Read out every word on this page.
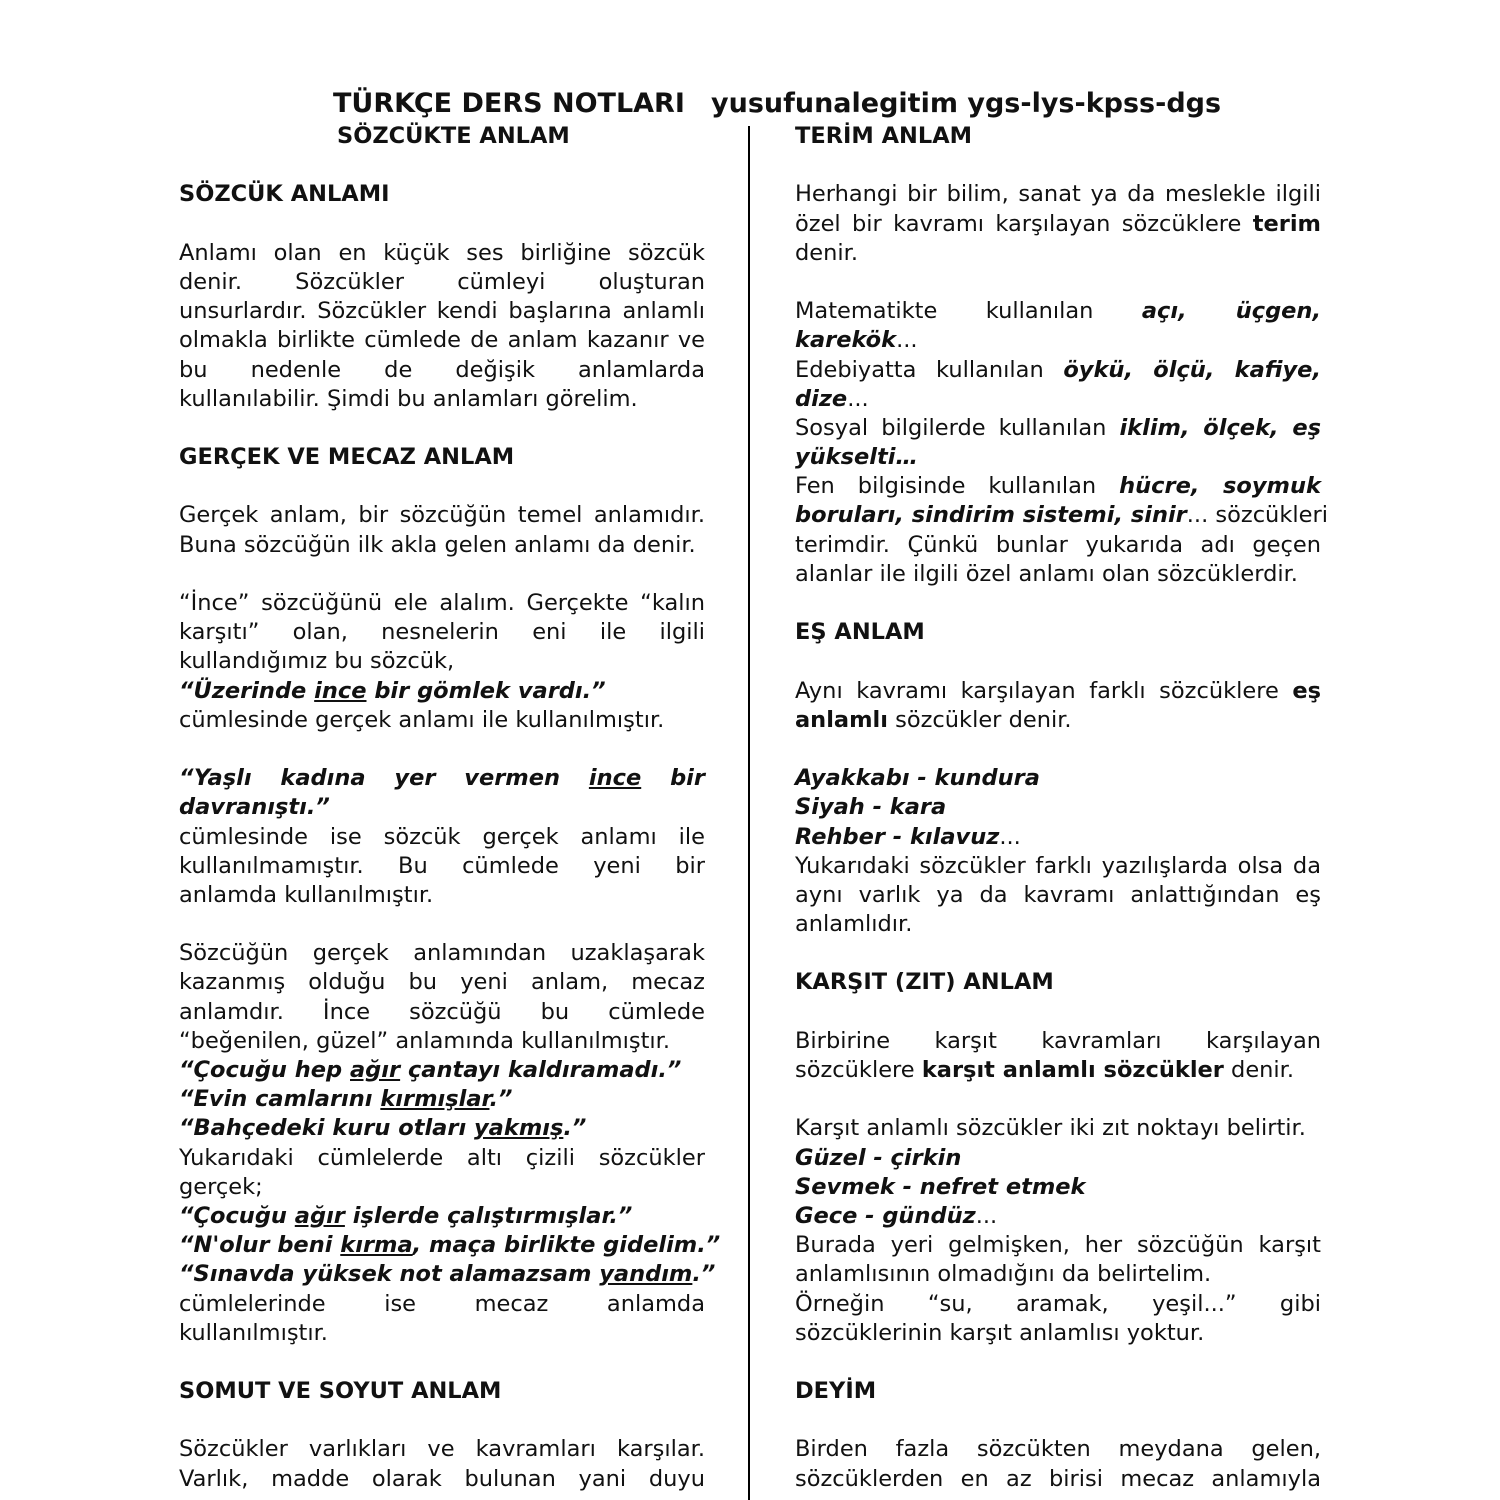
TÜRKÇE DERS NOTLARI yusufunalegitim ygs-lys-kpss-dgs
SÖZCÜKTE ANLAM
SÖZCÜK ANLAMI
Anlamı olan en küçük ses birliğine sözcük
denir. Sözcükler cümleyi oluşturan
unsurlardır. Sözcükler kendi başlarına anlamlı
olmakla birlikte cümlede de anlam kazanır ve
bu nedenle de değişik anlamlarda
kullanılabilir. Şimdi bu anlamları görelim.
GERÇEK VE MECAZ ANLAM
Gerçek anlam, bir sözcüğün temel anlamıdır.
Buna sözcüğün ilk akla gelen anlamı da denir.
“İnce” sözcüğünü ele alalım. Gerçekte “kalın
karşıtı” olan, nesnelerin eni ile ilgili
kullandığımız bu sözcük,
“Üzerinde ince bir gömlek vardı.”
cümlesinde gerçek anlamı ile kullanılmıştır.
“Yaşlı kadına yer vermen ince bir
davranıştı.”
cümlesinde ise sözcük gerçek anlamı ile
kullanılmamıştır. Bu cümlede yeni bir
anlamda kullanılmıştır.
Sözcüğün gerçek anlamından uzaklaşarak
kazanmış olduğu bu yeni anlam, mecaz
anlamdır. İnce sözcüğü bu cümlede
“beğenilen, güzel” anlamında kullanılmıştır.
“Çocuğu hep ağır çantayı kaldıramadı.”
“Evin camlarını kırmışlar.”
“Bahçedeki kuru otları yakmış.”
Yukarıdaki cümlelerde altı çizili sözcükler
gerçek;
“Çocuğu ağır işlerde çalıştırmışlar.”
“N'olur beni kırma, maça birlikte gidelim.”
“Sınavda yüksek not alamazsam yandım.”
cümlelerinde ise mecaz anlamda
kullanılmıştır.
SOMUT VE SOYUT ANLAM
Sözcükler varlıkları ve kavramları karşılar.
Varlık, madde olarak bulunan yani duyu
TERİM ANLAM
Herhangi bir bilim, sanat ya da meslekle ilgili
özel bir kavramı karşılayan sözcüklere terim
denir.
Matematikte kullanılan açı, üçgen,
karekök...
Edebiyatta kullanılan öykü, ölçü, kafiye,
dize...
Sosyal bilgilerde kullanılan iklim, ölçek, eş
yükselti…
Fen bilgisinde kullanılan hücre, soymuk
boruları, sindirim sistemi, sinir... sözcükleri
terimdir. Çünkü bunlar yukarıda adı geçen
alanlar ile ilgili özel anlamı olan sözcüklerdir.
EŞ ANLAM
Aynı kavramı karşılayan farklı sözcüklere eş
anlamlı sözcükler denir.
Ayakkabı - kundura
Siyah - kara
Rehber - kılavuz...
Yukarıdaki sözcükler farklı yazılışlarda olsa da
aynı varlık ya da kavramı anlattığından eş
anlamlıdır.
KARŞIT (ZIT) ANLAM
Birbirine karşıt kavramları karşılayan
sözcüklere karşıt anlamlı sözcükler denir.
Karşıt anlamlı sözcükler iki zıt noktayı belirtir.
Güzel - çirkin
Sevmek - nefret etmek
Gece - gündüz...
Burada yeri gelmişken, her sözcüğün karşıt
anlamlısının olmadığını da belirtelim.
Örneğin “su, aramak, yeşil...” gibi
sözcüklerinin karşıt anlamlısı yoktur.
DEYİM
Birden fazla sözcükten meydana gelen,
sözcüklerden en az birisi mecaz anlamıyla
